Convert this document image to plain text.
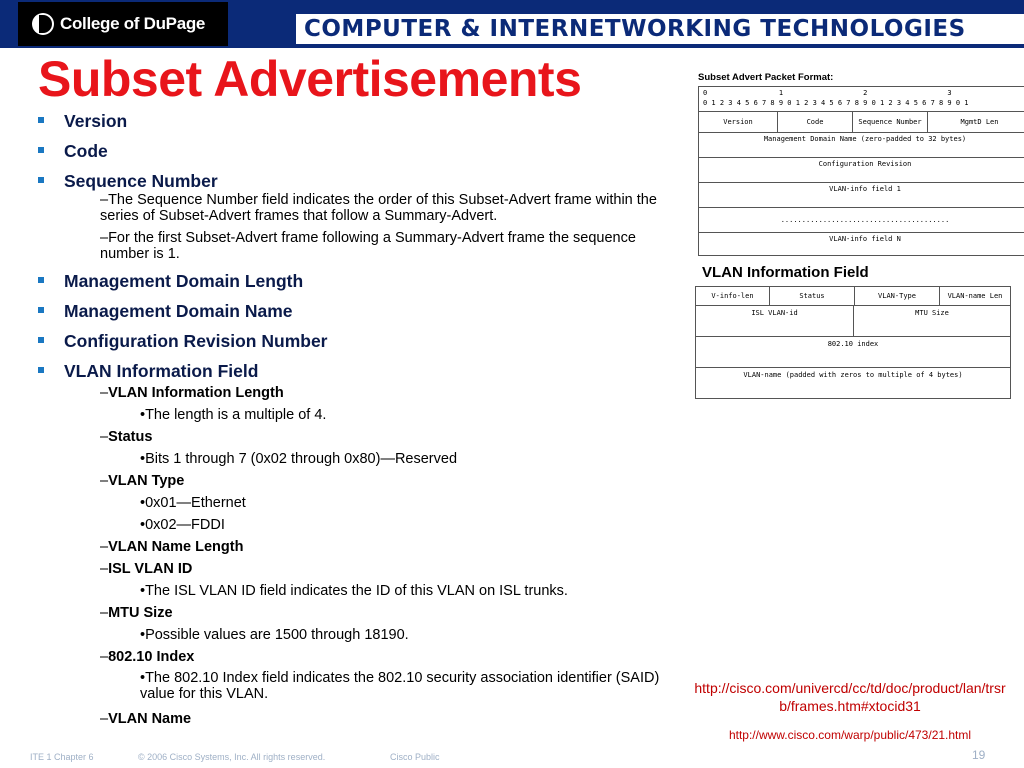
College of DuPage	COMPUTER & INTERNETWORKING TECHNOLOGIES
Subset Advertisements
Version
Code
Sequence Number
–The Sequence Number field indicates the order of this Subset-Advert frame within the series of Subset-Advert frames that follow a Summary-Advert.
–For the first Subset-Advert frame following a Summary-Advert frame the sequence number is 1.
Management Domain Length
Management Domain Name
Configuration Revision Number
VLAN Information Field
–VLAN Information Length
•The length is a multiple of 4.
–Status
•Bits 1 through 7 (0x02 through 0x80)—Reserved
–VLAN Type
•0x01—Ethernet
•0x02—FDDI
–VLAN Name Length
–ISL VLAN ID
•The ISL VLAN ID field indicates the ID of this VLAN on ISL trunks.
–MTU Size
•Possible values are 1500 through 18190.
–802.10 Index
•The 802.10 Index field indicates the 802.10 security association identifier (SAID) value for this VLAN.
–VLAN Name
Subset Advert Packet Format:
0                 1                   2                   3
0 1 2 3 4 5 6 7 8 9 0 1 2 3 4 5 6 7 8 9 0 1 2 3 4 5 6 7 8 9 0 1
Version	Code	Sequence Number	MgmtD Len
Management Domain Name (zero-padded to 32 bytes)
Configuration Revision
VLAN-info field 1
........................................
VLAN-info field N
VLAN Information Field
V-info-len	Status	VLAN-Type	VLAN-name Len
ISL VLAN-id	MTU Size
802.10 index
VLAN-name (padded with zeros to multiple of 4 bytes)
http://cisco.com/univercd/cc/td/doc/product/lan/trsrb/frames.htm#xtocid31
http://www.cisco.com/warp/public/473/21.html
ITE 1 Chapter 6	© 2006 Cisco Systems, Inc. All rights reserved.	Cisco Public	19
